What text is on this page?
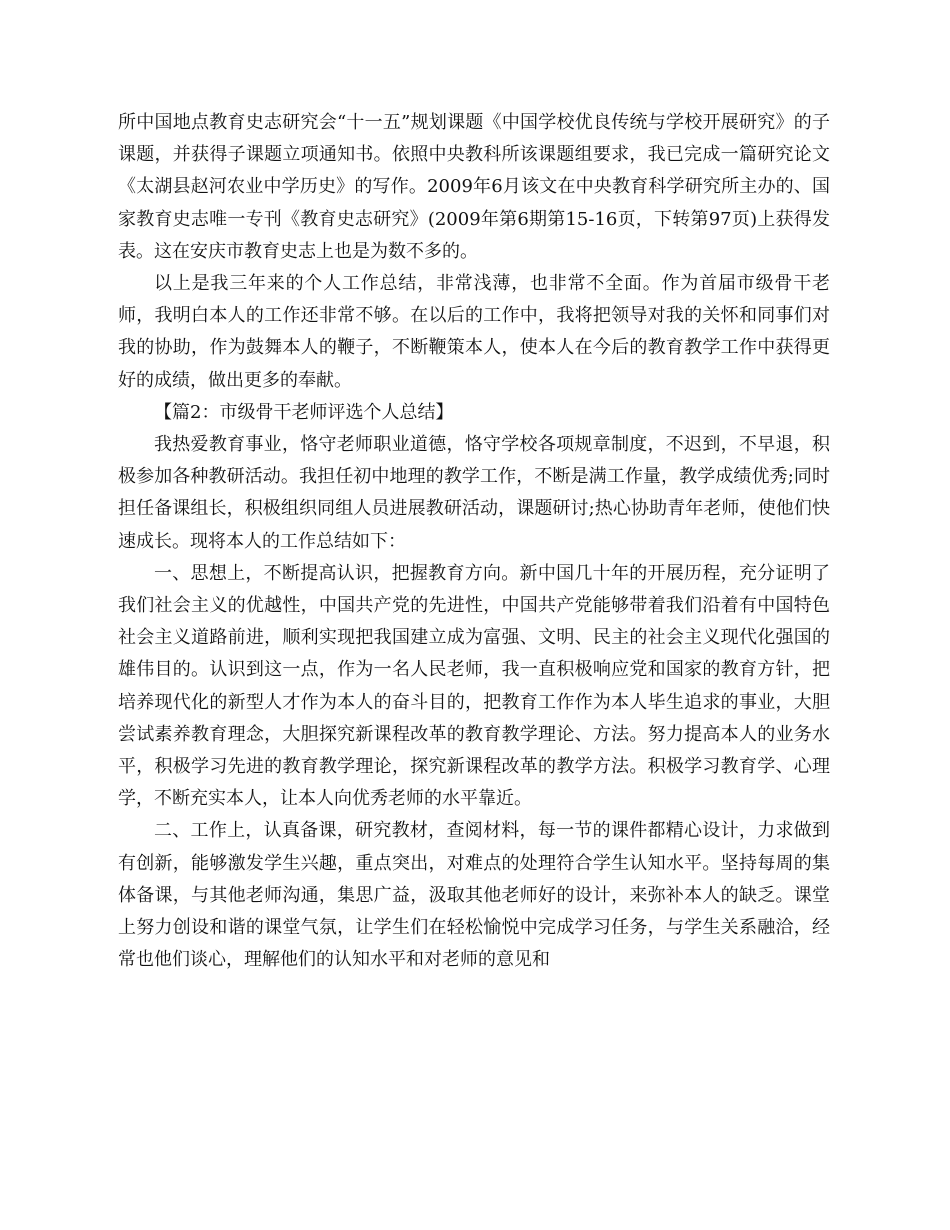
所中国地点教育史志研究会“十一五”规划课题《中国学校优良传统与学校开展研究》的子课题，并获得子课题立项通知书。依照中央教科所该课题组要求，我已完成一篇研究论文《太湖县赵河农业中学历史》的写作。2009年6月该文在中央教育科学研究所主办的、国家教育史志唯一专刊《教育史志研究》(2009年第6期第15-16页，下转第97页)上获得发表。这在安庆市教育史志上也是为数不多的。

以上是我三年来的个人工作总结，非常浅薄，也非常不全面。作为首届市级骨干老师，我明白本人的工作还非常不够。在以后的工作中，我将把领导对我的关怀和同事们对我的协助，作为鼓舞本人的鞭子，不断鞭策本人，使本人在今后的教育教学工作中获得更好的成绩，做出更多的奉献。

【篇2：市级骨干老师评选个人总结】

我热爱教育事业，恪守老师职业道德，恪守学校各项规章制度，不迟到，不早退，积极参加各种教研活动。我担任初中地理的教学工作，不断是满工作量，教学成绩优秀;同时担任备课组长，积极组织同组人员进展教研活动，课题研讨;热心协助青年老师，使他们快速成长。现将本人的工作总结如下：

一、思想上，不断提高认识，把握教育方向。新中国几十年的开展历程，充分证明了我们社会主义的优越性，中国共产党的先进性，中国共产党能够带着我们沿着有中国特色社会主义道路前进，顺利实现把我国建立成为富强、文明、民主的社会主义现代化强国的雄伟目的。认识到这一点，作为一名人民老师，我一直积极响应党和国家的教育方针，把培养现代化的新型人才作为本人的奋斗目的，把教育工作作为本人毕生追求的事业，大胆尝试素养教育理念，大胆探究新课程改革的教育教学理论、方法。努力提高本人的业务水平，积极学习先进的教育教学理论，探究新课程改革的教学方法。积极学习教育学、心理学，不断充实本人，让本人向优秀老师的水平靠近。

二、工作上，认真备课，研究教材，查阅材料，每一节的课件都精心设计，力求做到有创新，能够激发学生兴趣，重点突出，对难点的处理符合学生认知水平。坚持每周的集体备课，与其他老师沟通，集思广益，汲取其他老师好的设计，来弥补本人的缺乏。课堂上努力创设和谐的课堂气氛，让学生们在轻松愉悦中完成学习任务，与学生关系融洽，经常也他们谈心，理解他们的认知水平和对老师的意见和
